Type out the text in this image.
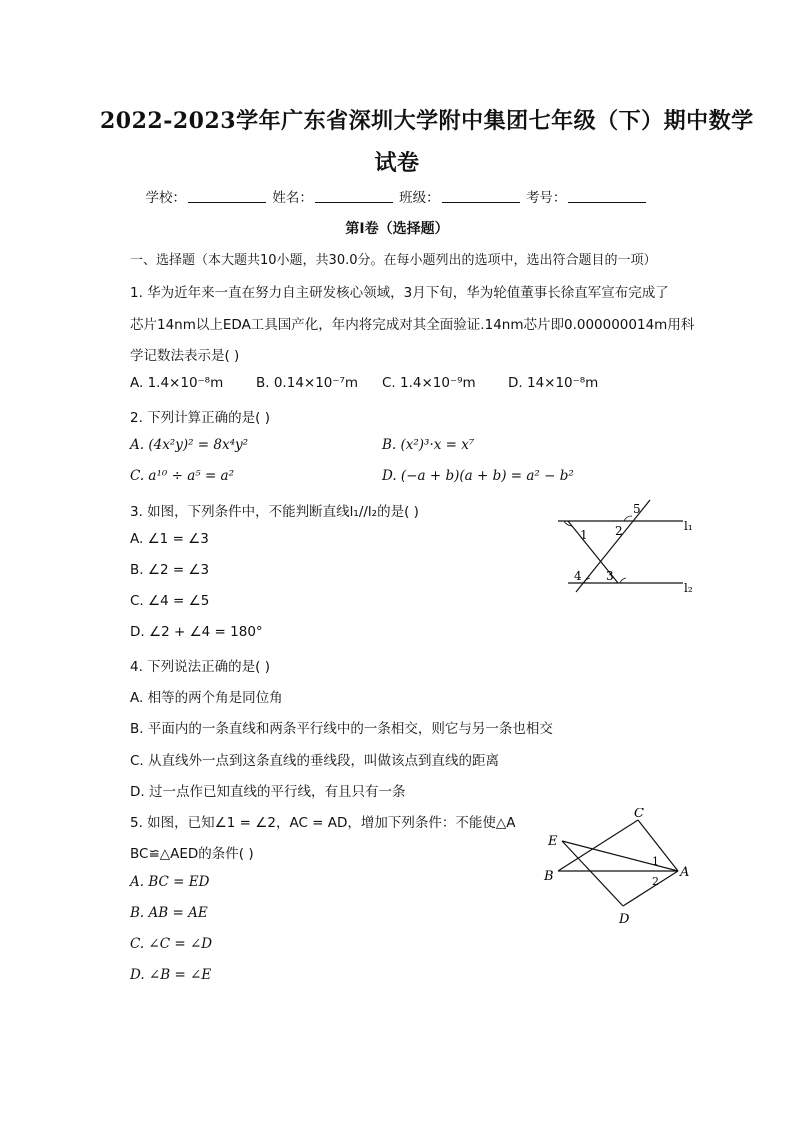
2022-2023学年广东省深圳大学附中集团七年级（下）期中数学
试卷
学校：	姓名：	班级：	考号：
第Ⅰ卷（选择题）
一、选择题（本大题共10小题，共30.0分。在每小题列出的选项中，选出符合题目的一项）
1. 华为近年来一直在努力自主研发核心领域，3月下旬，华为轮值董事长徐直军宣布完成了
芯片14nm以上EDA工具国产化，年内将完成对其全面验证.14nm芯片即0.000000014m用科
学记数法表示是( )
A. 1.4×10⁻⁸m B. 0.14×10⁻⁷m C. 1.4×10⁻⁹m D. 14×10⁻⁸m
2. 下列计算正确的是( )
A. (4x²y)² = 8x⁴y²	B. (x²)³·x = x⁷
C. a¹⁰ ÷ a⁵ = a²	D. (−a + b)(a + b) = a² − b²
3. 如图，下列条件中，不能判断直线l₁//l₂的是( )
A. ∠1 = ∠3
B. ∠2 = ∠3
C. ∠4 = ∠5
D. ∠2 + ∠4 = 180°
5
2
1
4 3
l₁
l₂
4. 下列说法正确的是( )
A. 相等的两个角是同位角
B. 平面内的一条直线和两条平行线中的一条相交，则它与另一条也相交
C. 从直线外一点到这条直线的垂线段，叫做该点到直线的距离
D. 过一点作已知直线的平行线，有且只有一条
5. 如图，已知∠1 = ∠2，AC = AD，增加下列条件：不能使△A
BC≌△AED的条件( )
A. BC = ED
B. AB = AE
C. ∠C = ∠D
D. ∠B = ∠E
C
E
1
B	2
A
D
